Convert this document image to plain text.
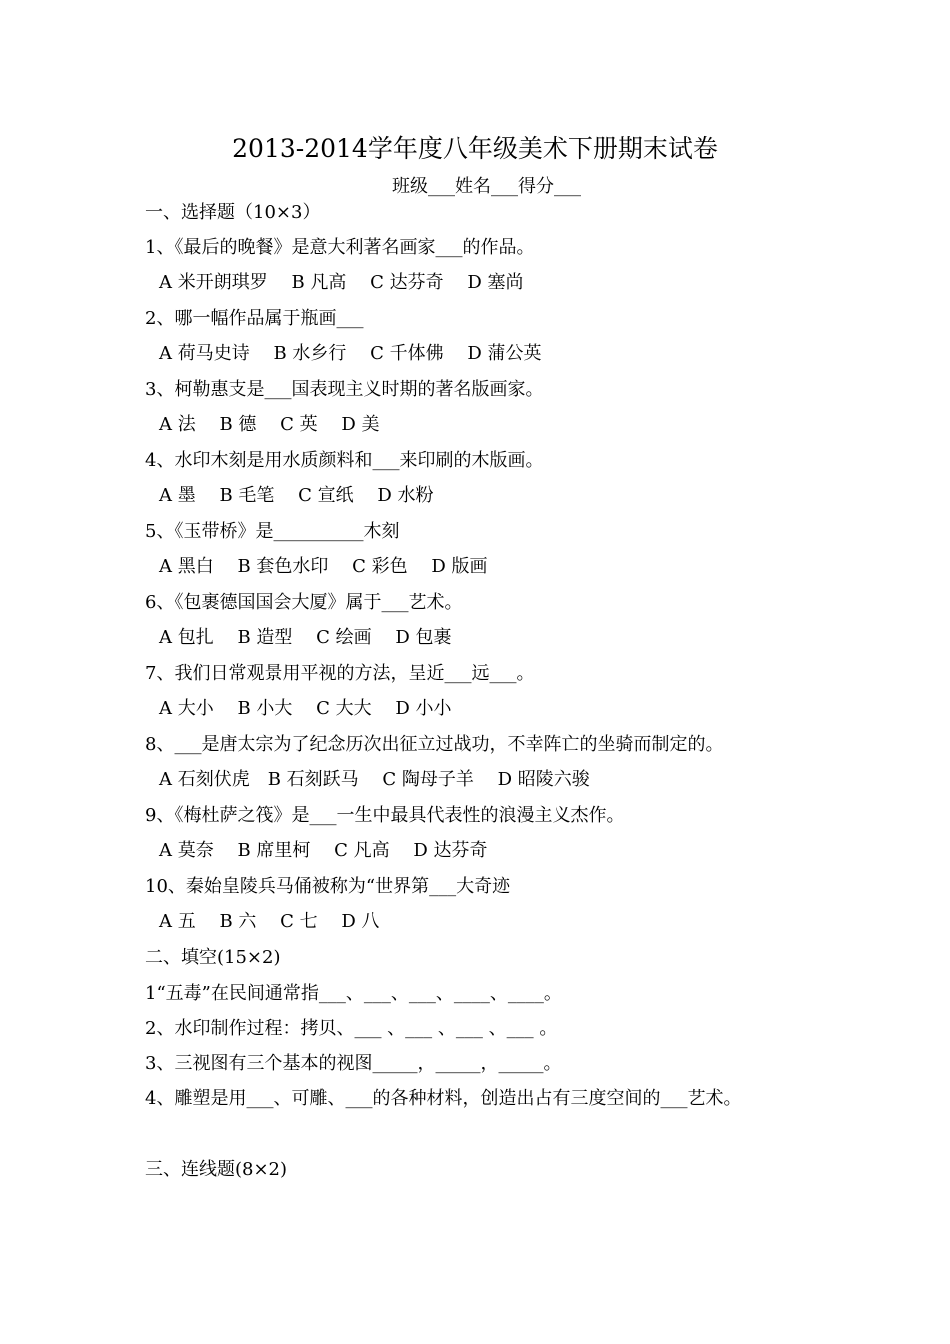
2013-2014学年度八年级美术下册期末试卷
班级___姓名___得分___
一、选择题（10×3）
1、《最后的晚餐》是意大利著名画家___的作品。
A 米开朗琪罗　 B 凡高　 C 达芬奇　 D 塞尚
2、哪一幅作品属于瓶画___
A 荷马史诗　 B 水乡行　 C 千体佛　 D 蒲公英
3、柯勒惠支是___国表现主义时期的著名版画家。
A 法　 B 德　 C 英　 D 美
4、水印木刻是用水质颜料和___来印刷的木版画。
A 墨　 B 毛笔　 C 宣纸　 D 水粉
5、《玉带桥》是__________木刻
A 黑白　 B 套色水印　 C 彩色　 D 版画
6、《包裹德国国会大厦》属于___艺术。
A 包扎　 B 造型　 C 绘画　 D 包裹
7、我们日常观景用平视的方法，呈近___远___。
A 大小　 B 小大　 C 大大　 D 小小
8、___是唐太宗为了纪念历次出征立过战功，不幸阵亡的坐骑而制定的。
A 石刻伏虎　B 石刻跃马　 C 陶母子羊　 D 昭陵六骏
9、《梅杜萨之筏》是___一生中最具代表性的浪漫主义杰作。
A 莫奈　 B 席里柯　 C 凡高　 D 达芬奇
10、秦始皇陵兵马俑被称为“世界第___大奇迹
A 五　 B 六　 C 七　 D 八
二、填空(15×2)
1“五毒”在民间通常指___、___、___、____、____。
2、水印制作过程：拷贝、___ 、___ 、___ 、___ 。
3、三视图有三个基本的视图_____，_____，_____。
4、雕塑是用___、可雕、___的各种材料，创造出占有三度空间的___艺术。
三、连线题(8×2)
